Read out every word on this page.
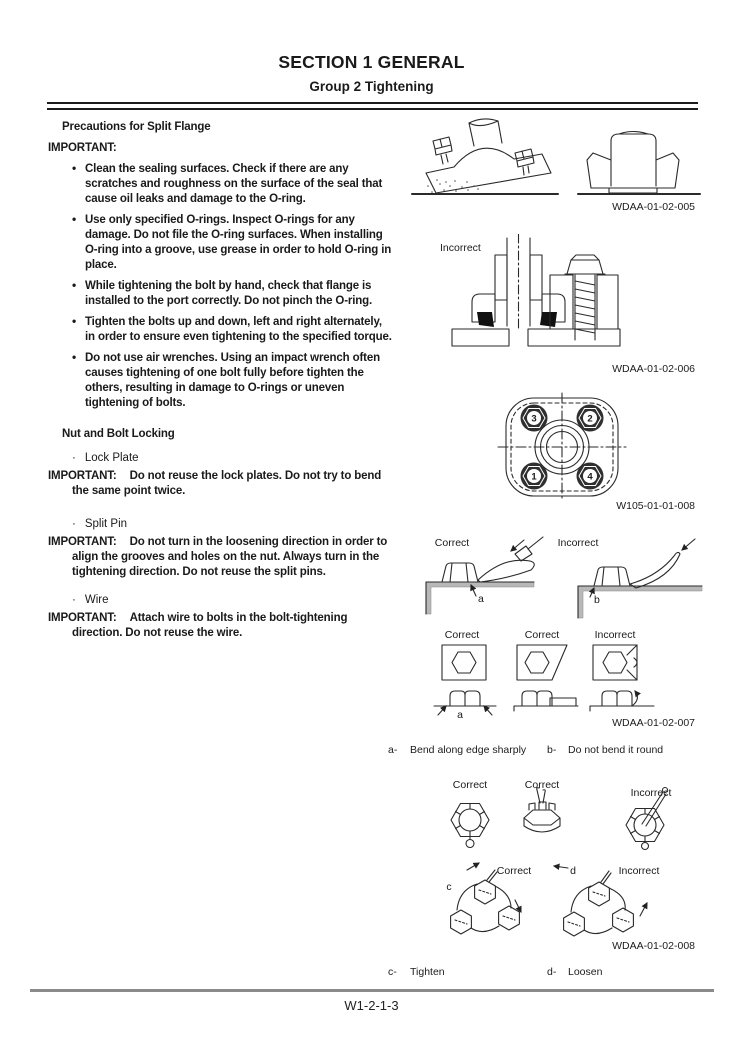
SECTION 1 GENERAL
Group 2 Tightening
Precautions for Split Flange
IMPORTANT:
• Clean the sealing surfaces. Check if there are any scratches and roughness on the surface of the seal that cause oil leaks and damage to the O-ring.
• Use only specified O-rings. Inspect O-rings for any damage. Do not file the O-ring surfaces. When installing O-ring into a groove, use grease in order to hold O-ring in place.
• While tightening the bolt by hand, check that flange is installed to the port correctly. Do not pinch the O-ring.
• Tighten the bolts up and down, left and right alternately, in order to ensure even tightening to the specified torque.
• Do not use air wrenches. Using an impact wrench often causes tightening of one bolt fully before tighten the others, resulting in damage to O-rings or uneven tightening of bolts.
Nut and Bolt Locking
· Lock Plate

IMPORTANT: Do not reuse the lock plates. Do not try to bend the same point twice.

· Split Pin

IMPORTANT: Do not turn in the loosening direction in order to align the grooves and holes on the nut. Always turn in the tightening direction. Do not reuse the split pins.

· Wire

IMPORTANT: Attach wire to bolts in the bolt-tightening direction. Do not reuse the wire.

WDAA-01-02-005
Incorrect
WDAA-01-02-006
3	2
1	4
W105-01-01-008
Correct	Incorrect
a	b
Correct	Correct	Incorrect
a
WDAA-01-02-007
a- Bend along edge sharply b- Do not bend it round
Correct	Correct
Incorrect
c
Correct	d	Incorrect
WDAA-01-02-008
c- Tighten	d- Loosen
W1-2-1-3
